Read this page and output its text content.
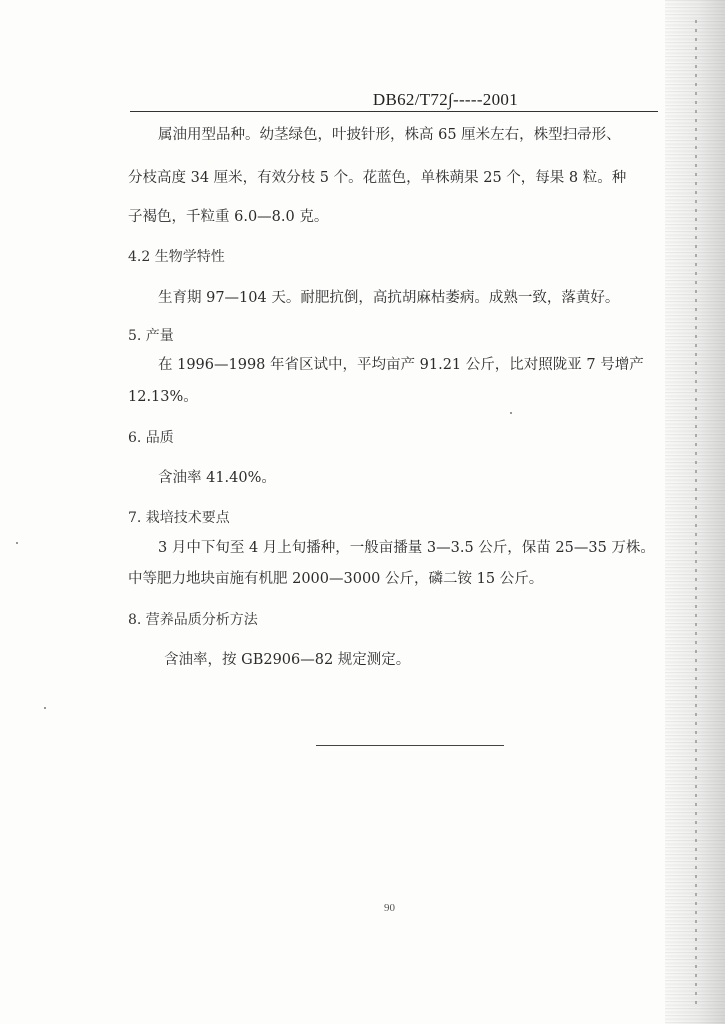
DB62/T72∫-----2001
属油用型品种。幼茎绿色，叶披针形，株高 65 厘米左右，株型扫帚形、
分枝高度 34 厘米，有效分枝 5 个。花蓝色，单株蒴果 25 个，每果 8 粒。种
子褐色，千粒重 6.0—8.0 克。
4.2 生物学特性
生育期 97—104 天。耐肥抗倒，高抗胡麻枯萎病。成熟一致，落黄好。
5. 产量
在 1996—1998 年省区试中，平均亩产 91.21 公斤，比对照陇亚 7 号增产
12.13%。
6. 品质
含油率 41.40%。
7. 栽培技术要点
3 月中下旬至 4 月上旬播种，一般亩播量 3—3.5 公斤，保苗 25—35 万株。
中等肥力地块亩施有机肥 2000—3000 公斤，磷二铵 15 公斤。
8. 营养品质分析方法
含油率，按 GB2906—82 规定测定。
90
